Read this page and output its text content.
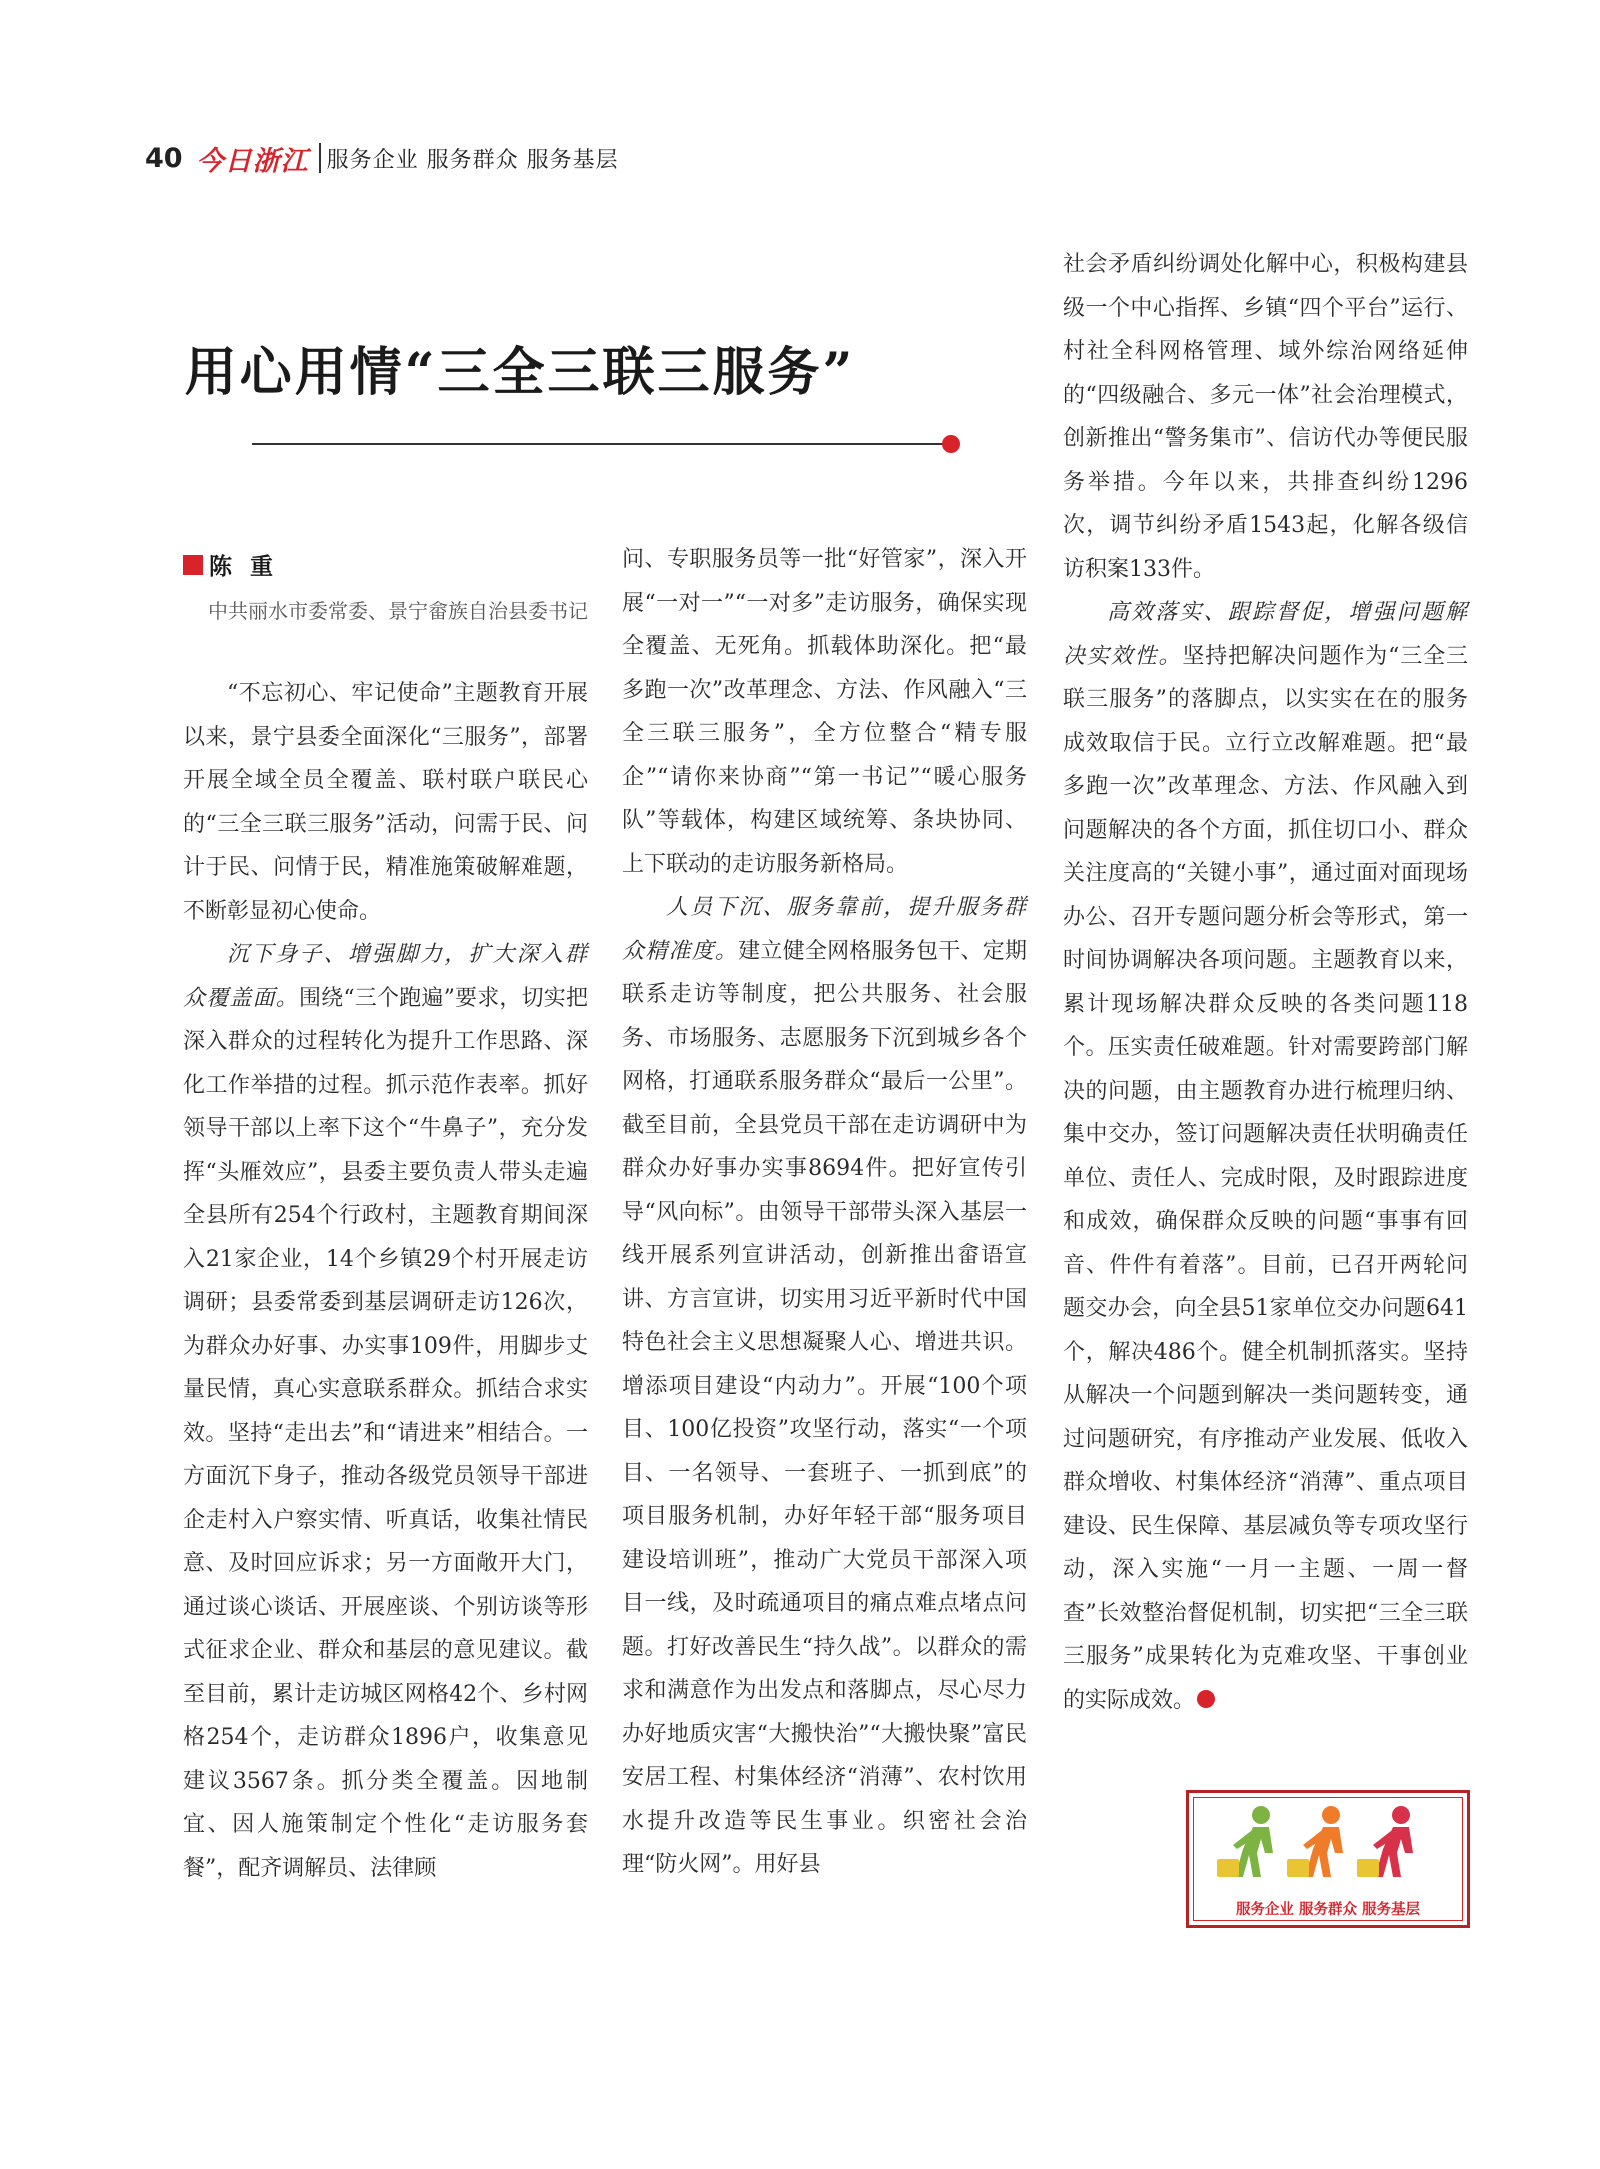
40 今日浙江 服务企业 服务群众 服务基层
用心用情“三全三联三服务”
陈重
中共丽水市委常委、景宁畲族自治县委书记

“不忘初心、牢记使命”主题教育开展以来，景宁县委全面深化“三服务”，部署开展全域全员全覆盖、联村联户联民心的“三全三联三服务”活动，问需于民、问计于民、问情于民，精准施策破解难题，不断彰显初心使命。

沉下身子、增强脚力，扩大深入群众覆盖面。围绕“三个跑遍”要求，切实把深入群众的过程转化为提升工作思路、深化工作举措的过程。抓示范作表率。抓好领导干部以上率下这个“牛鼻子”，充分发挥“头雁效应”，县委主要负责人带头走遍全县所有254个行政村，主题教育期间深入21家企业，14个乡镇29个村开展走访调研；县委常委到基层调研走访126次，为群众办好事、办实事109件，用脚步丈量民情，真心实意联系群众。抓结合求实效。坚持“走出去”和“请进来”相结合。一方面沉下身子，推动各级党员领导干部进企走村入户察实情、听真话，收集社情民意、及时回应诉求；另一方面敞开大门，通过谈心谈话、开展座谈、个别访谈等形式征求企业、群众和基层的意见建议。截至目前，累计走访城区网格42个、乡村网格254个，走访群众1896户，收集意见建议3567条。抓分类全覆盖。因地制宜、因人施策制定个性化“走访服务套餐”，配齐调解员、法律顾

问、专职服务员等一批“好管家”，深入开展“一对一”“一对多”走访服务，确保实现全覆盖、无死角。抓载体助深化。把“最多跑一次”改革理念、方法、作风融入“三全三联三服务”，全方位整合“精专服企”“请你来协商”“第一书记”“暖心服务队”等载体，构建区域统筹、条块协同、上下联动的走访服务新格局。

人员下沉、服务靠前，提升服务群众精准度。建立健全网格服务包干、定期联系走访等制度，把公共服务、社会服务、市场服务、志愿服务下沉到城乡各个网格，打通联系服务群众“最后一公里”。截至目前，全县党员干部在走访调研中为群众办好事办实事8694件。把好宣传引导“风向标”。由领导干部带头深入基层一线开展系列宣讲活动，创新推出畲语宣讲、方言宣讲，切实用习近平新时代中国特色社会主义思想凝聚人心、增进共识。增添项目建设“内动力”。开展“100个项目、100亿投资”攻坚行动，落实“一个项目、一名领导、一套班子、一抓到底”的项目服务机制，办好年轻干部“服务项目建设培训班”，推动广大党员干部深入项目一线，及时疏通项目的痛点难点堵点问题。打好改善民生“持久战”。以群众的需求和满意作为出发点和落脚点，尽心尽力办好地质灾害“大搬快治”“大搬快聚”富民安居工程、村集体经济“消薄”、农村饮用水提升改造等民生事业。织密社会治理“防火网”。用好县

社会矛盾纠纷调处化解中心，积极构建县级一个中心指挥、乡镇“四个平台”运行、村社全科网格管理、域外综治网络延伸的“四级融合、多元一体”社会治理模式，创新推出“警务集市”、信访代办等便民服务举措。今年以来，共排查纠纷1296次，调节纠纷矛盾1543起，化解各级信访积案133件。

高效落实、跟踪督促，增强问题解决实效性。坚持把解决问题作为“三全三联三服务”的落脚点，以实实在在的服务成效取信于民。立行立改解难题。把“最多跑一次”改革理念、方法、作风融入到问题解决的各个方面，抓住切口小、群众关注度高的“关键小事”，通过面对面现场办公、召开专题问题分析会等形式，第一时间协调解决各项问题。主题教育以来，累计现场解决群众反映的各类问题118个。压实责任破难题。针对需要跨部门解决的问题，由主题教育办进行梳理归纳、集中交办，签订问题解决责任状明确责任单位、责任人、完成时限，及时跟踪进度和成效，确保群众反映的问题“事事有回音、件件有着落”。目前，已召开两轮问题交办会，向全县51家单位交办问题641个，解决486个。健全机制抓落实。坚持从解决一个问题到解决一类问题转变，通过问题研究，有序推动产业发展、低收入群众增收、村集体经济“消薄”、重点项目建设、民生保障、基层减负等专项攻坚行动，深入实施“一月一主题、一周一督查”长效整治督促机制，切实把“三全三联三服务”成果转化为克难攻坚、干事创业的实际成效。

服务企业 服务群众 服务基层
